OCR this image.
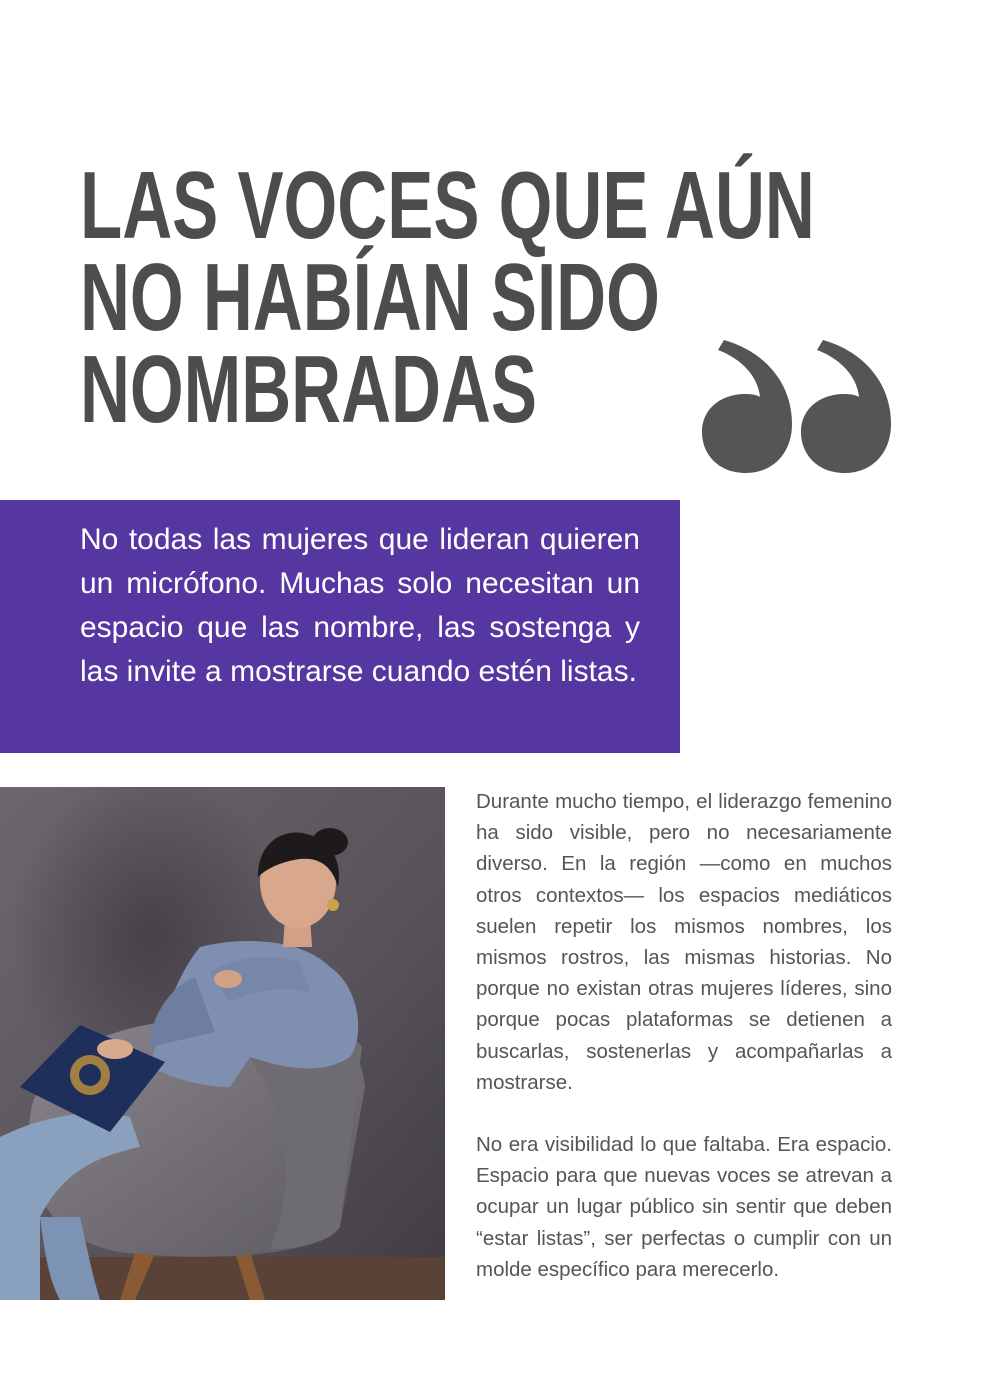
LAS VOCES QUE AÚN
NO HABÍAN SIDO
NOMBRADAS

No todas las mujeres que lideran quieren un micrófono. Muchas solo necesitan un espacio que las nombre, las sostenga y las invite a mostrarse cuando estén listas.

Durante mucho tiempo, el liderazgo femenino ha sido visible, pero no necesariamente diverso. En la región —como en muchos otros contextos— los espacios mediáticos suelen repetir los mismos nombres, los mismos rostros, las mismas historias. No porque no existan otras mujeres líderes, sino porque pocas plataformas se detienen a buscarlas, sostenerlas y acompañarlas a mostrarse.

No era visibilidad lo que faltaba. Era espacio. Espacio para que nuevas voces se atrevan a ocupar un lugar público sin sentir que deben “estar listas”, ser perfectas o cumplir con un molde específico para merecerlo.
